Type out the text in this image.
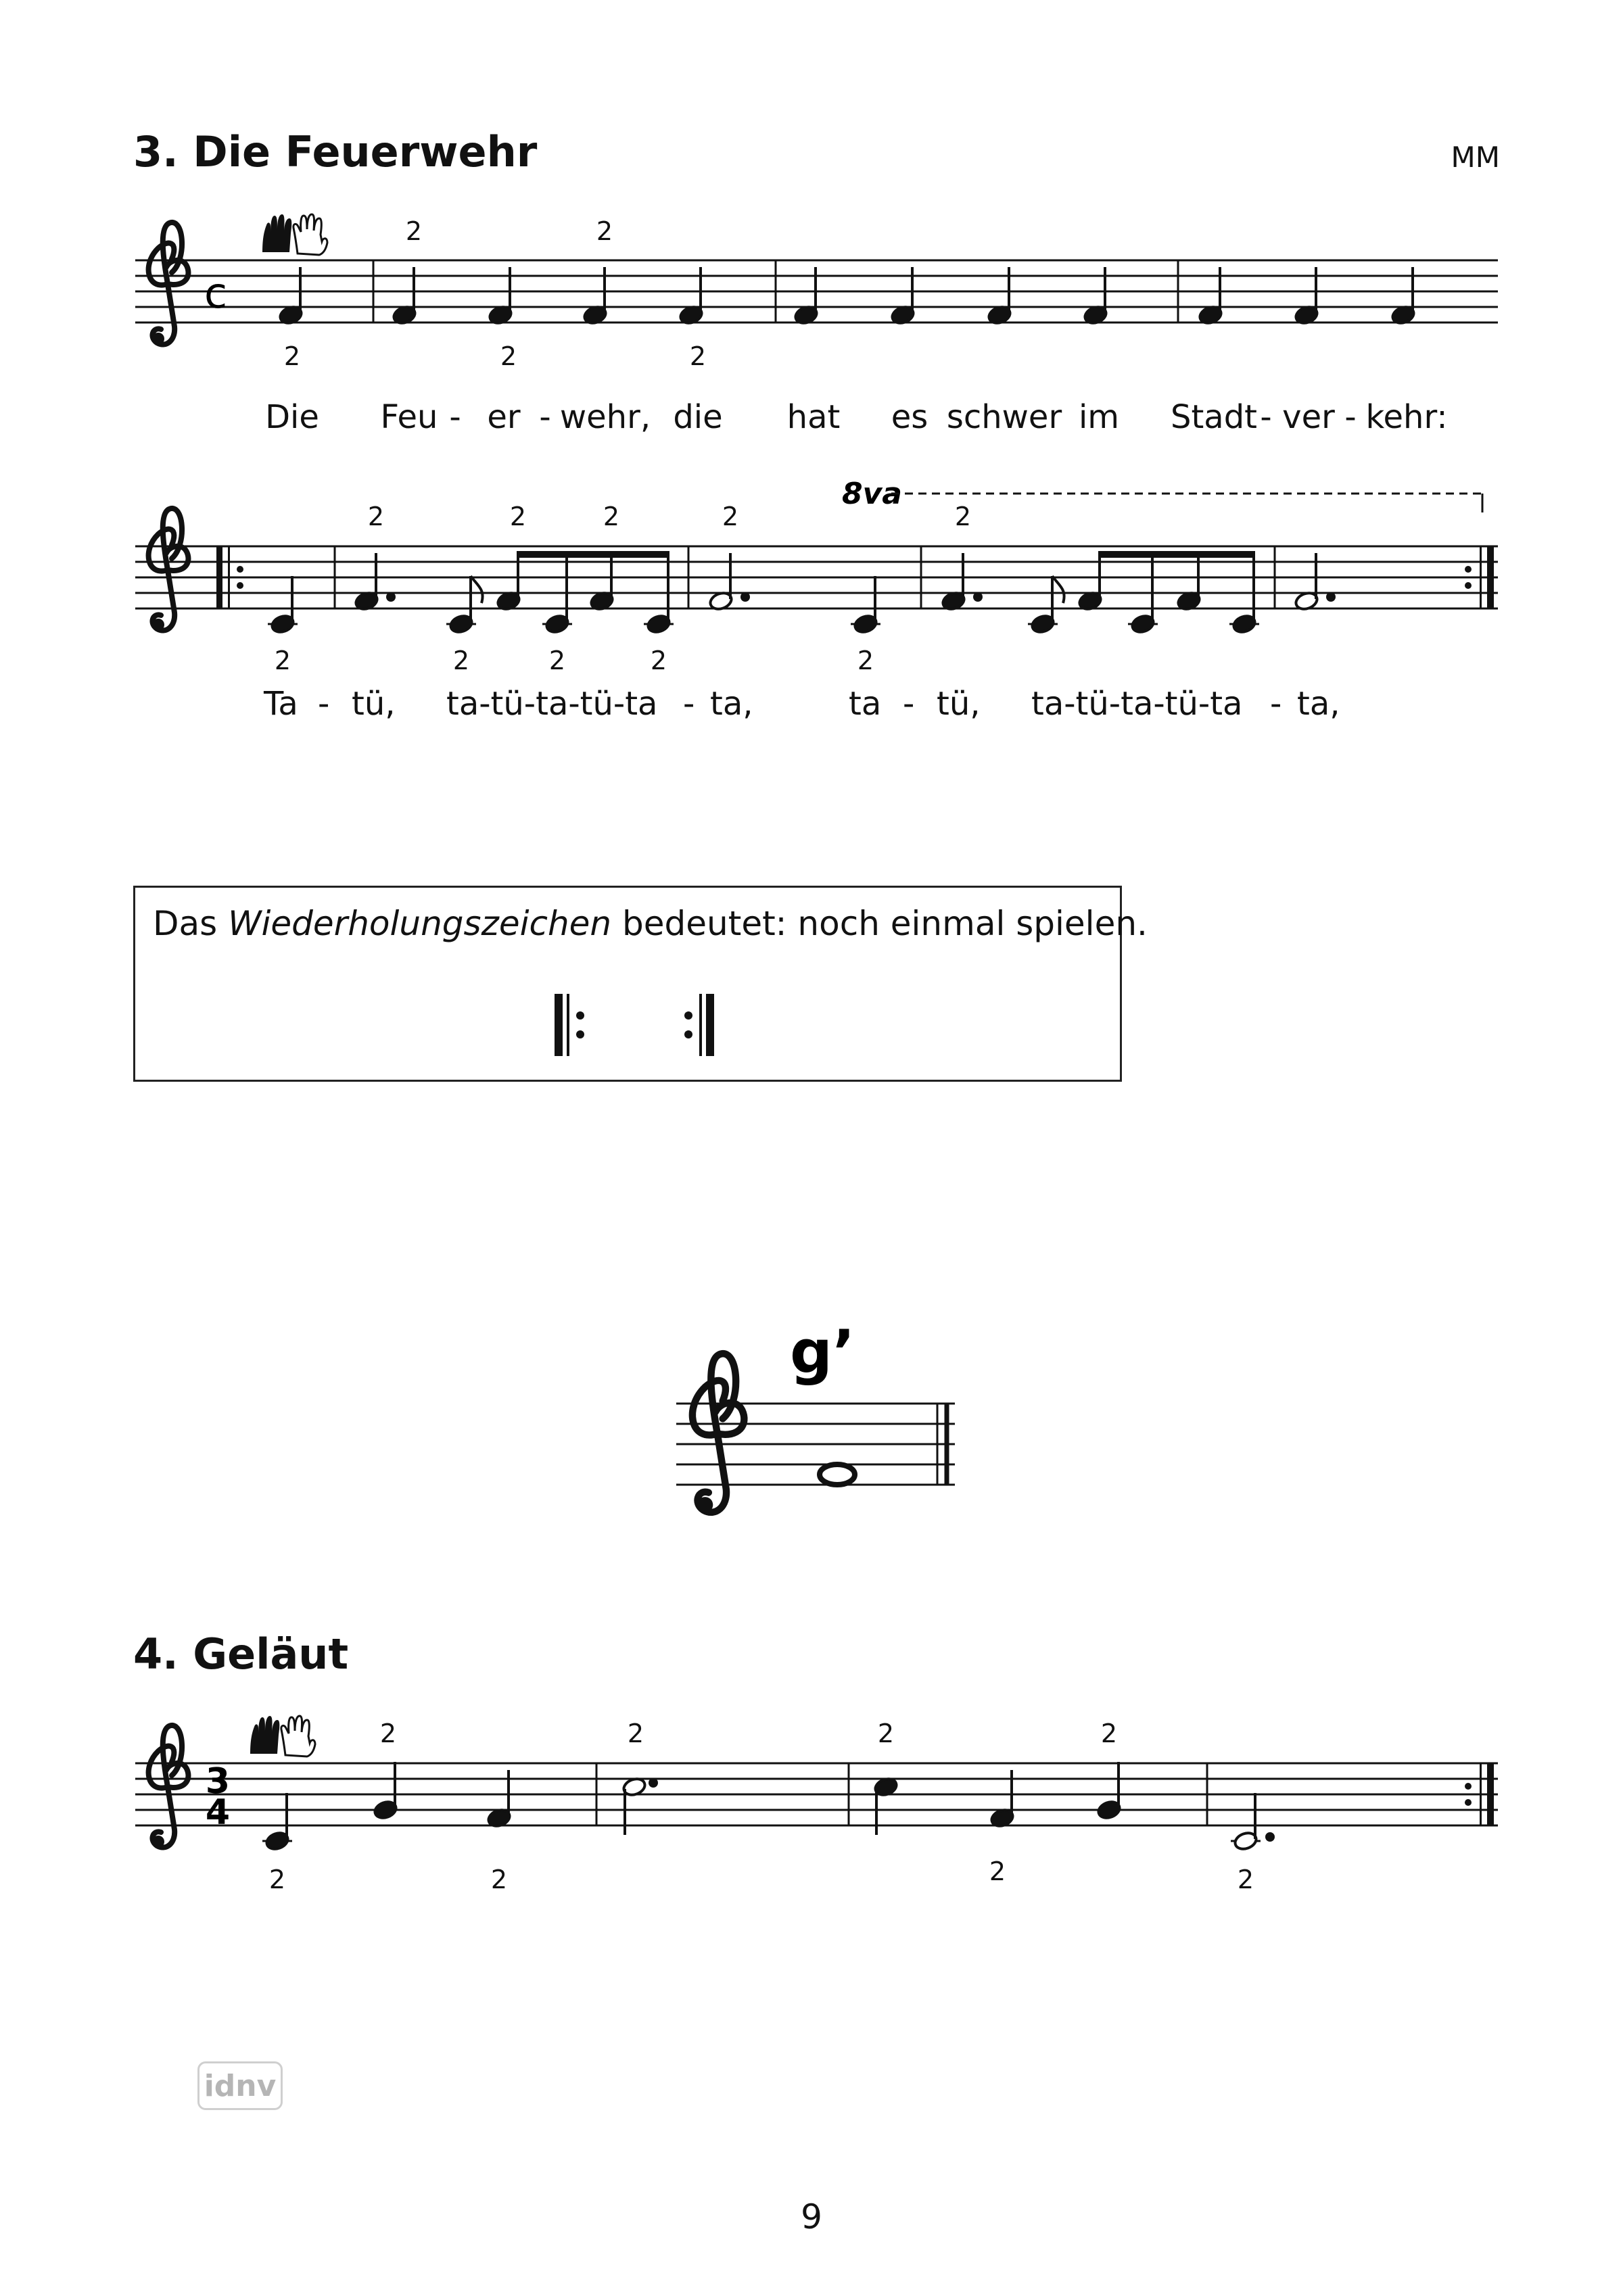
3. Die Feuerwehr	MM
4. Geläut
Das Wiederholungszeichen bedeutet: noch einmal spielen.
idnv
9
c
2	2
2	2	2
Die Feu - er - wehr, die hat es schwer im Stadt - ver - kehr:
8va
2	2	2	2	2
2	2	2	2	2
Ta - tü, ta-tü-ta-tü-ta - ta,	ta - tü, ta-tü-ta-tü-ta - ta,
g’
3
4
2	2	2	2
2	2	2	2
